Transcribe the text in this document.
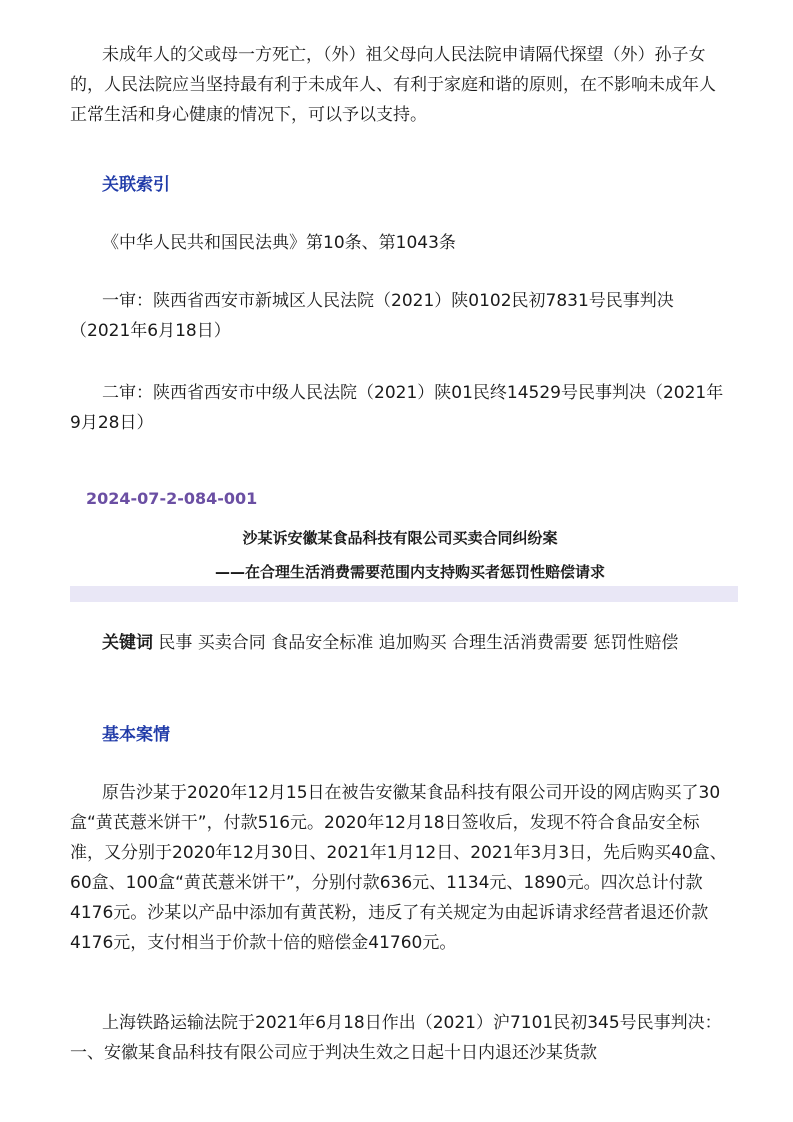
未成年人的父或母一方死亡，（外）祖父母向人民法院申请隔代探望（外）孙子女的，人民法院应当坚持最有利于未成年人、有利于家庭和谐的原则，在不影响未成年人正常生活和身心健康的情况下，可以予以支持。

关联索引

《中华人民共和国民法典》第10条、第1043条

一审：陕西省西安市新城区人民法院（2021）陕0102民初7831号民事判决（2021年6月18日）

二审：陕西省西安市中级人民法院（2021）陕01民终14529号民事判决（2021年9月28日）

2024-07-2-084-001

沙某诉安徽某食品科技有限公司买卖合同纠纷案

——在合理生活消费需要范围内支持购买者惩罚性赔偿请求

关键词 民事 买卖合同 食品安全标准 追加购买 合理生活消费需要 惩罚性赔偿

基本案情

原告沙某于2020年12月15日在被告安徽某食品科技有限公司开设的网店购买了30盒“黄芪薏米饼干”，付款516元。2020年12月18日签收后，发现不符合食品安全标准，又分别于2020年12月30日、2021年1月12日、2021年3月3日，先后购买40盒、60盒、100盒“黄芪薏米饼干”，分别付款636元、1134元、1890元。四次总计付款4176元。沙某以产品中添加有黄芪粉，违反了有关规定为由起诉请求经营者退还价款4176元，支付相当于价款十倍的赔偿金41760元。

上海铁路运输法院于2021年6月18日作出（2021）沪7101民初345号民事判决：一、安徽某食品科技有限公司应于判决生效之日起十日内退还沙某货款
